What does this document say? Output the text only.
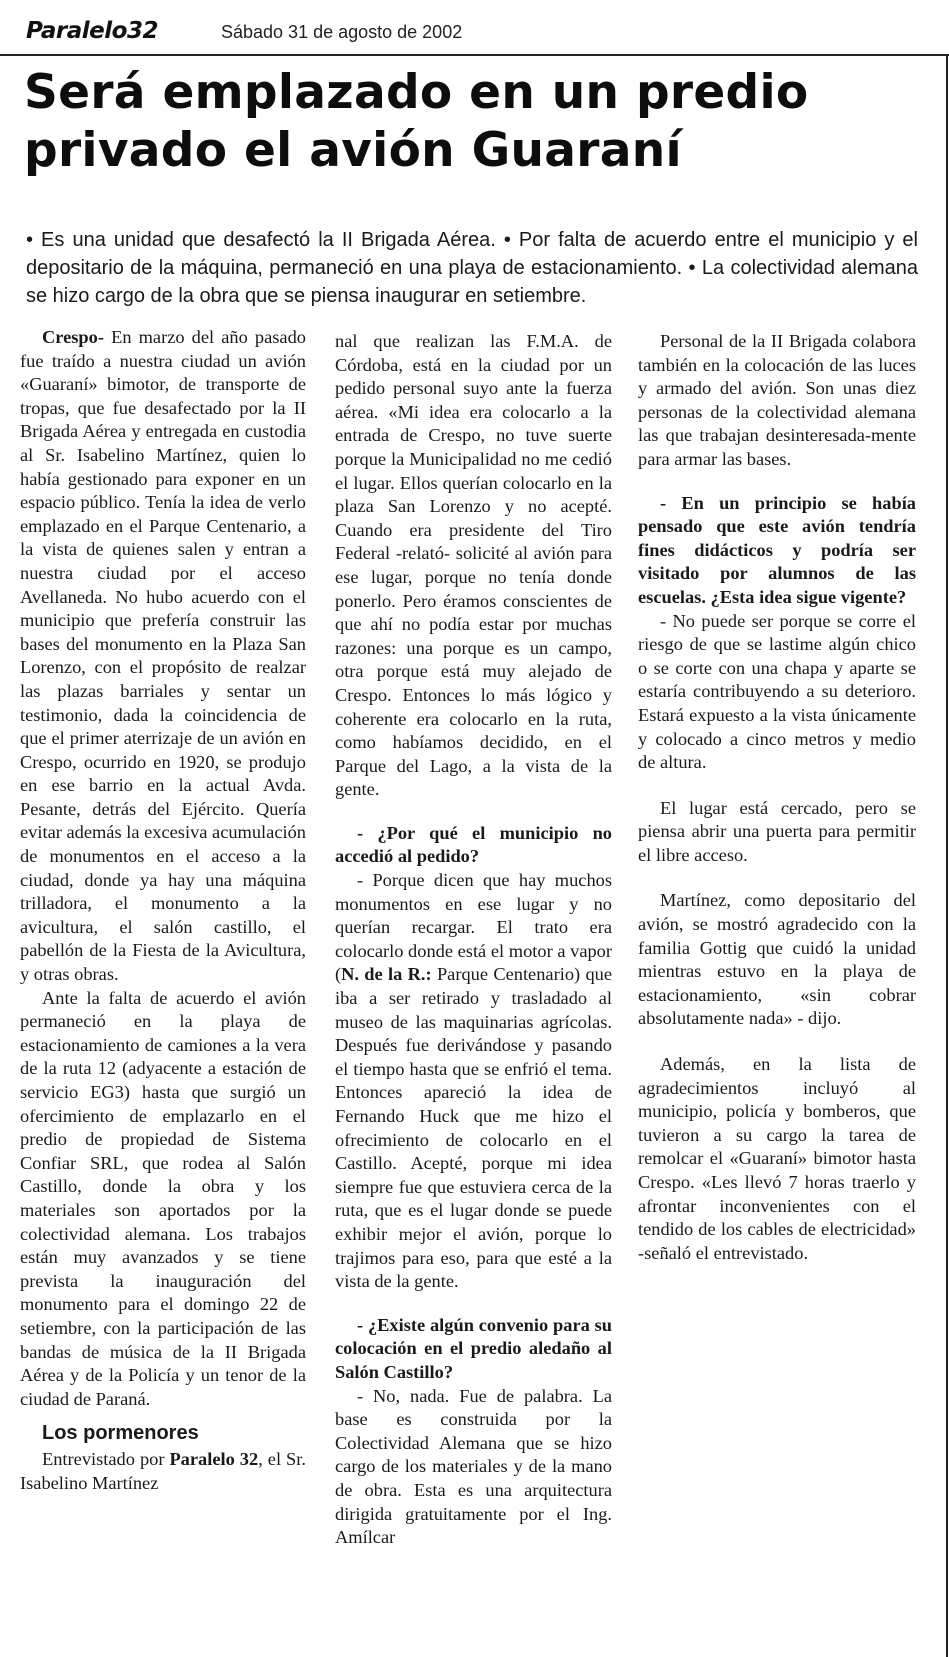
Paralelo32	Sábado 31 de agosto de 2002
Será emplazado en un predio privado el avión Guaraní

• Es una unidad que desafectó la II Brigada Aérea. • Por falta de acuerdo entre el municipio y el depositario de la máquina, permaneció en una playa de estacionamiento. • La colectividad alemana se hizo cargo de la obra que se piensa inaugurar en setiembre.

Crespo- En marzo del año pasado fue traído a nuestra ciudad un avión «Guaraní» bimotor, de transporte de tropas, que fue desafectado por la II Brigada Aérea y entregada en custodia al Sr. Isabelino Martínez, quien lo había gestionado para exponer en un espacio público. Tenía la idea de verlo emplazado en el Parque Centenario, a la vista de quienes salen y entran a nuestra ciudad por el acceso Avellaneda. No hubo acuerdo con el municipio que prefería construir las bases del monumento en la Plaza San Lorenzo, con el propósito de realzar las plazas barriales y sentar un testimonio, dada la coincidencia de que el primer aterrizaje de un avión en Crespo, ocurrido en 1920, se produjo en ese barrio en la actual Avda. Pesante, detrás del Ejército. Quería evitar además la excesiva acumulación de monumentos en el acceso a la ciudad, donde ya hay una máquina trilladora, el monumento a la avicultura, el salón castillo, el pabellón de la Fiesta de la Avicultura, y otras obras.

Ante la falta de acuerdo el avión permaneció en la playa de estacionamiento de camiones a la vera de la ruta 12 (adyacente a estación de servicio EG3) hasta que surgió un ofercimiento de emplazarlo en el predio de propiedad de Sistema Confiar SRL, que rodea al Salón Castillo, donde la obra y los materiales son aportados por la colectividad alemana. Los trabajos están muy avanzados y se tiene prevista la inauguración del monumento para el domingo 22 de setiembre, con la participación de las bandas de música de la II Brigada Aérea y de la Policía y un tenor de la ciudad de Paraná.

Los pormenores

Entrevistado por Paralelo 32, el Sr. Isabelino Martínez

nal que realizan las F.M.A. de Córdoba, está en la ciudad por un pedido personal suyo ante la fuerza aérea. «Mi idea era colocarlo a la entrada de Crespo, no tuve suerte porque la Municipalidad no me cedió el lugar. Ellos querían colocarlo en la plaza San Lorenzo y no acepté. Cuando era presidente del Tiro Federal -relató- solicité al avión para ese lugar, porque no tenía donde ponerlo. Pero éramos conscientes de que ahí no podía estar por muchas razones: una porque es un campo, otra porque está muy alejado de Crespo. Entonces lo más lógico y coherente era colocarlo en la ruta, como habíamos decidido, en el Parque del Lago, a la vista de la gente.

- ¿Por qué el municipio no accedió al pedido?

- Porque dicen que hay muchos monumentos en ese lugar y no querían recargar. El trato era colocarlo donde está el motor a vapor (N. de la R.: Parque Centenario) que iba a ser retirado y trasladado al museo de las maquinarias agrícolas. Después fue derivándose y pasando el tiempo hasta que se enfrió el tema. Entonces apareció la idea de Fernando Huck que me hizo el ofrecimiento de colocarlo en el Castillo. Acepté, porque mi idea siempre fue que estuviera cerca de la ruta, que es el lugar donde se puede exhibir mejor el avión, porque lo trajimos para eso, para que esté a la vista de la gente.

- ¿Existe algún convenio para su colocación en el predio aledaño al Salón Castillo?

- No, nada. Fue de palabra. La base es construida por la Colectividad Alemana que se hizo cargo de los materiales y de la mano de obra. Esta es una arquitectura dirigida gratuitamente por el Ing. Amílcar

Personal de la II Brigada colabora también en la colocación de las luces y armado del avión. Son unas diez personas de la colectividad alemana las que trabajan desinteresada-mente para armar las bases.

- En un principio se había pensado que este avión tendría fines didácticos y podría ser visitado por alumnos de las escuelas. ¿Esta idea sigue vigente?

- No puede ser porque se corre el riesgo de que se lastime algún chico o se corte con una chapa y aparte se estaría contribuyendo a su deterioro. Estará expuesto a la vista únicamente y colocado a cinco metros y medio de altura.

El lugar está cercado, pero se piensa abrir una puerta para permitir el libre acceso.

Martínez, como depositario del avión, se mostró agradecido con la familia Gottig que cuidó la unidad mientras estuvo en la playa de estacionamiento, «sin cobrar absolutamente nada» - dijo.

Además, en la lista de agradecimientos incluyó al municipio, policía y bomberos, que tuvieron a su cargo la tarea de remolcar el «Guaraní» bimotor hasta Crespo. «Les llevó 7 horas traerlo y afrontar inconvenientes con el tendido de los cables de electricidad» -señaló el entrevistado.
